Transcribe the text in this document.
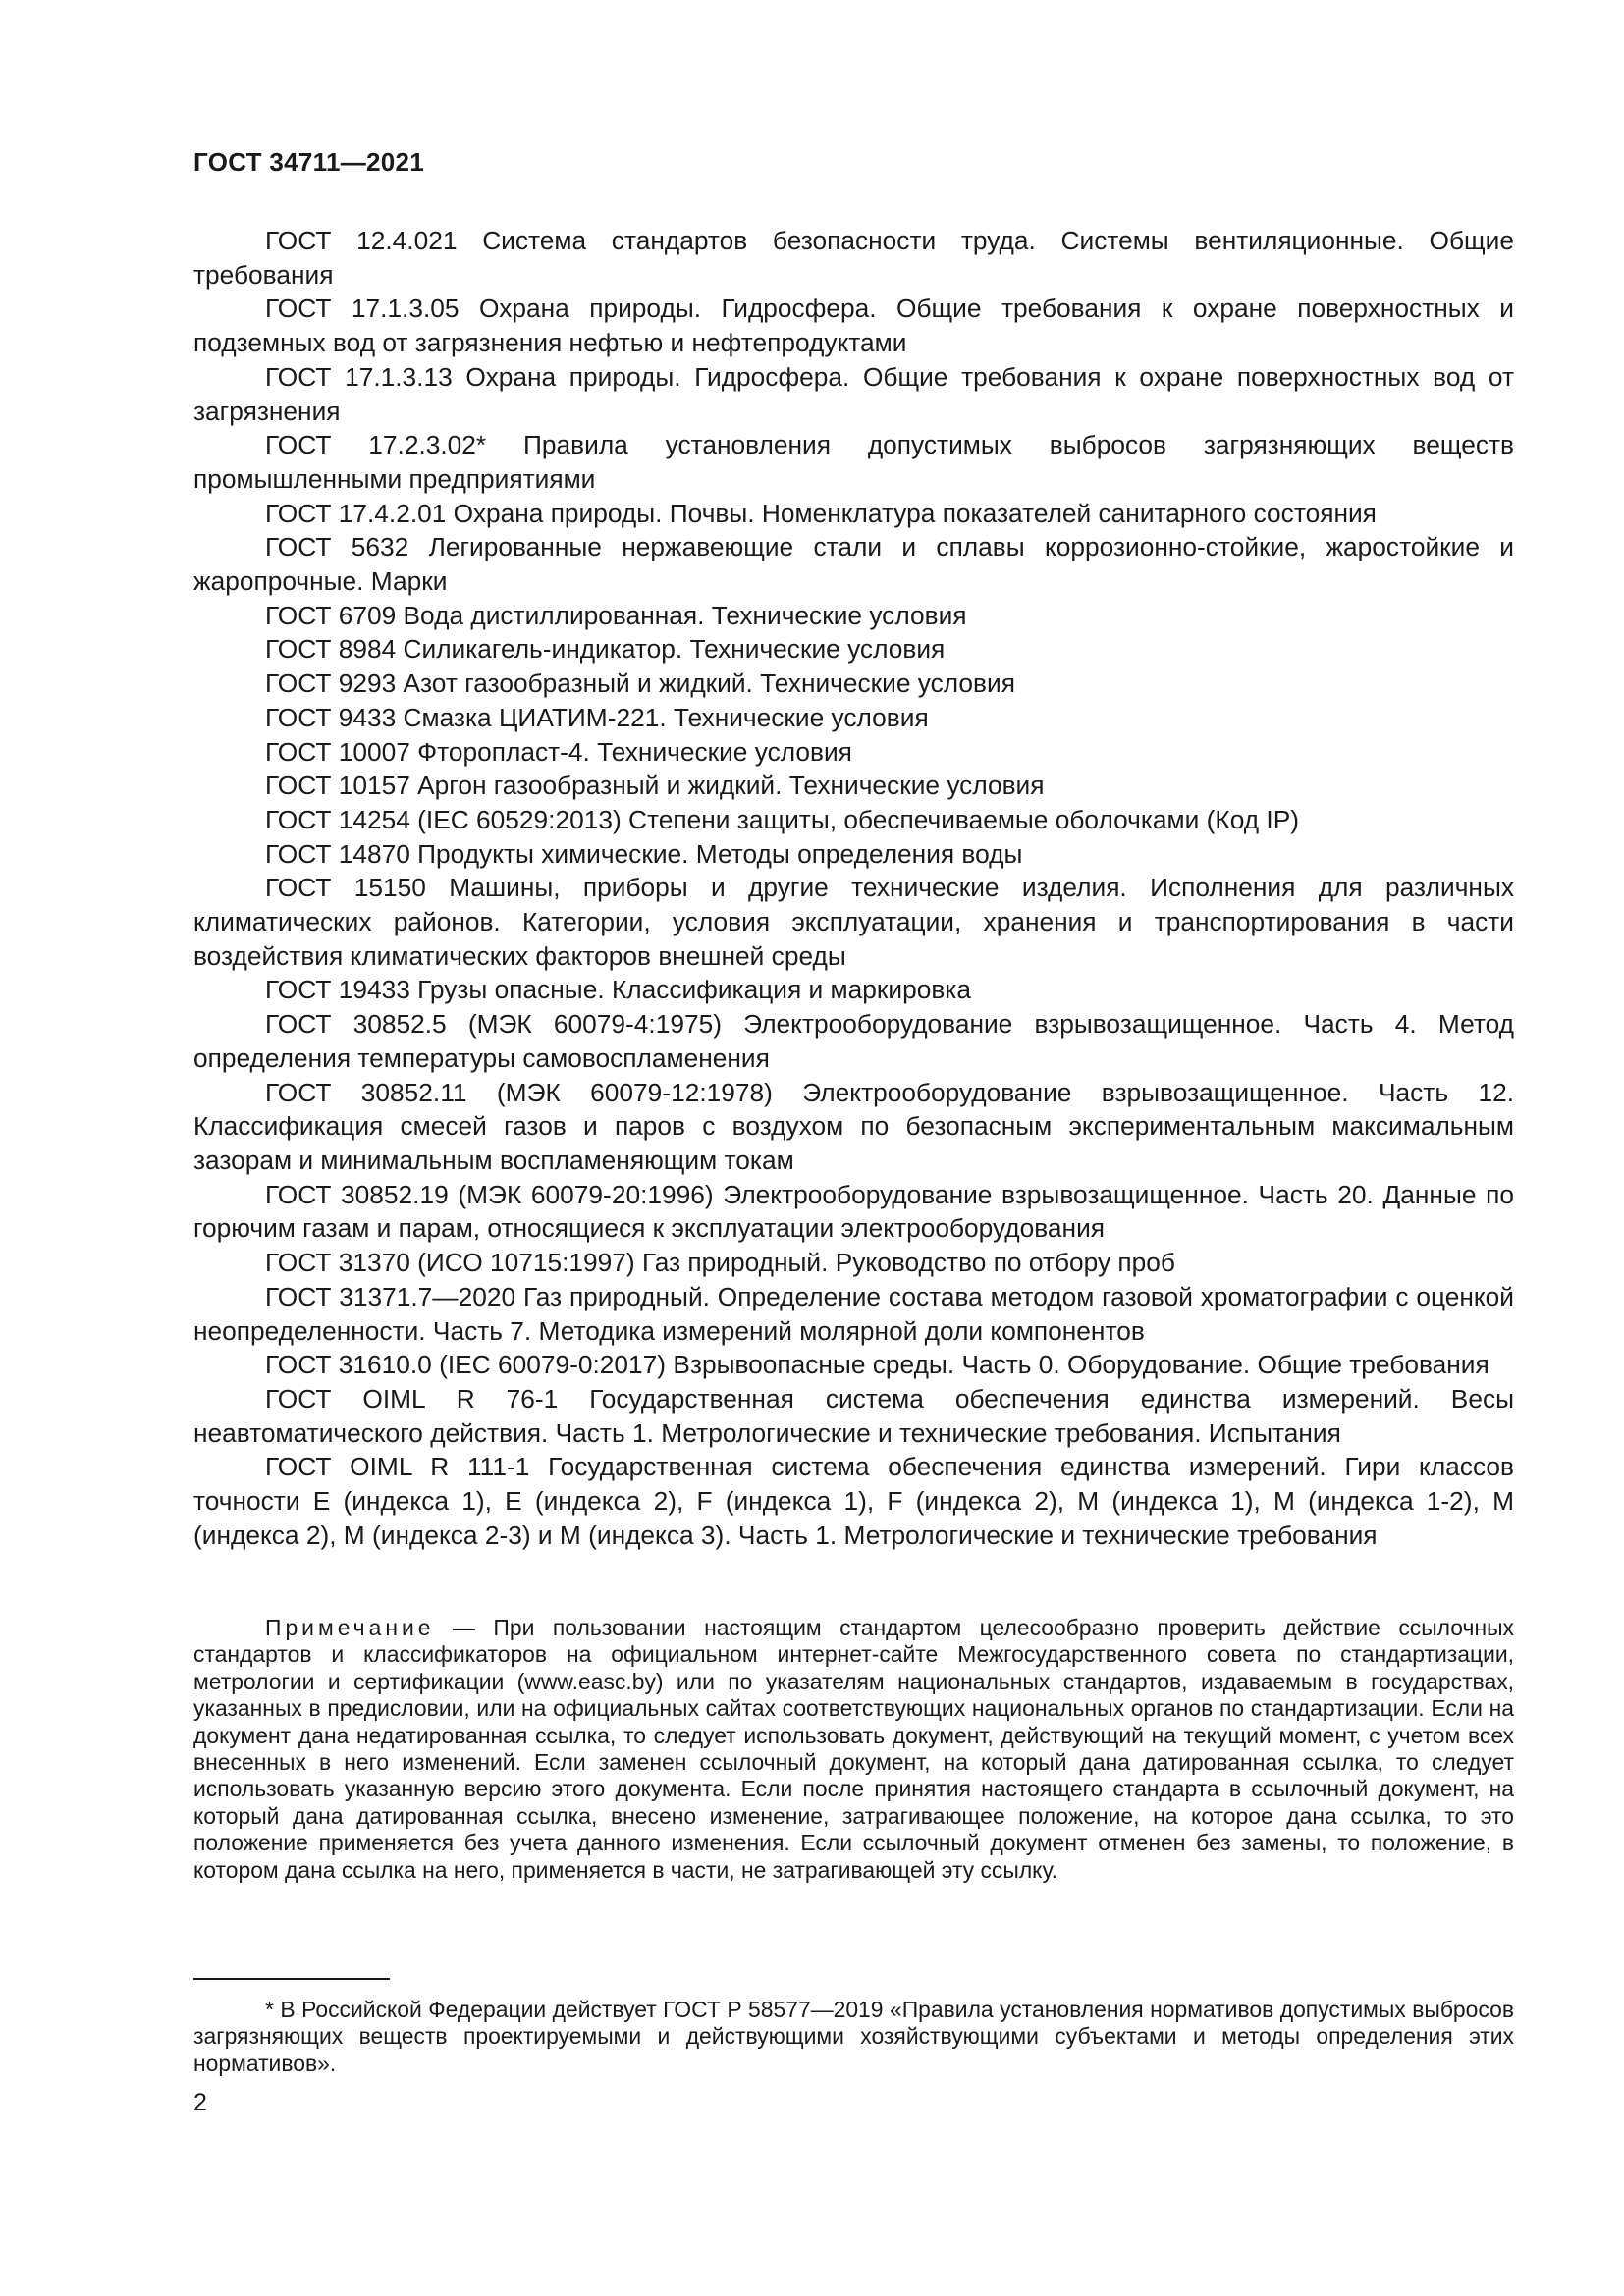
ГОСТ 34711—2021
ГОСТ 12.4.021 Система стандартов безопасности труда. Системы вентиляционные. Общие требования
ГОСТ 17.1.3.05 Охрана природы. Гидросфера. Общие требования к охране поверхностных и подземных вод от загрязнения нефтью и нефтепродуктами
ГОСТ 17.1.3.13 Охрана природы. Гидросфера. Общие требования к охране поверхностных вод от загрязнения
ГОСТ 17.2.3.02* Правила установления допустимых выбросов загрязняющих веществ промышленными предприятиями
ГОСТ 17.4.2.01 Охрана природы. Почвы. Номенклатура показателей санитарного состояния
ГОСТ 5632 Легированные нержавеющие стали и сплавы коррозионно-стойкие, жаростойкие и жаропрочные. Марки
ГОСТ 6709 Вода дистиллированная. Технические условия
ГОСТ 8984 Силикагель-индикатор. Технические условия
ГОСТ 9293 Азот газообразный и жидкий. Технические условия
ГОСТ 9433 Смазка ЦИАТИМ-221. Технические условия
ГОСТ 10007 Фторопласт-4. Технические условия
ГОСТ 10157 Аргон газообразный и жидкий. Технические условия
ГОСТ 14254 (IEC 60529:2013) Степени защиты, обеспечиваемые оболочками (Код IP)
ГОСТ 14870 Продукты химические. Методы определения воды
ГОСТ 15150 Машины, приборы и другие технические изделия. Исполнения для различных климатических районов. Категории, условия эксплуатации, хранения и транспортирования в части воздействия климатических факторов внешней среды
ГОСТ 19433 Грузы опасные. Классификация и маркировка
ГОСТ 30852.5 (МЭК 60079-4:1975) Электрооборудование взрывозащищенное. Часть 4. Метод определения температуры самовоспламенения
ГОСТ 30852.11 (МЭК 60079-12:1978) Электрооборудование взрывозащищенное. Часть 12. Классификация смесей газов и паров с воздухом по безопасным экспериментальным максимальным зазорам и минимальным воспламеняющим токам
ГОСТ 30852.19 (МЭК 60079-20:1996) Электрооборудование взрывозащищенное. Часть 20. Данные по горючим газам и парам, относящиеся к эксплуатации электрооборудования
ГОСТ 31370 (ИСО 10715:1997) Газ природный. Руководство по отбору проб
ГОСТ 31371.7—2020 Газ природный. Определение состава методом газовой хроматографии с оценкой неопределенности. Часть 7. Методика измерений молярной доли компонентов
ГОСТ 31610.0 (IEC 60079-0:2017) Взрывоопасные среды. Часть 0. Оборудование. Общие требования
ГОСТ OIML R 76-1 Государственная система обеспечения единства измерений. Весы неавтоматического действия. Часть 1. Метрологические и технические требования. Испытания
ГОСТ OIML R 111-1 Государственная система обеспечения единства измерений. Гири классов точности E (индекса 1), E (индекса 2), F (индекса 1), F (индекса 2), M (индекса 1), M (индекса 1-2), M (индекса 2), M (индекса 2-3) и M (индекса 3). Часть 1. Метрологические и технические требования
Примечание — При пользовании настоящим стандартом целесообразно проверить действие ссылочных стандартов и классификаторов на официальном интернет-сайте Межгосударственного совета по стандартизации, метрологии и сертификации (www.easc.by) или по указателям национальных стандартов, издаваемым в государствах, указанных в предисловии, или на официальных сайтах соответствующих национальных органов по стандартизации. Если на документ дана недатированная ссылка, то следует использовать документ, действующий на текущий момент, с учетом всех внесенных в него изменений. Если заменен ссылочный документ, на который дана датированная ссылка, то следует использовать указанную версию этого документа. Если после принятия настоящего стандарта в ссылочный документ, на который дана датированная ссылка, внесено изменение, затрагивающее положение, на которое дана ссылка, то это положение применяется без учета данного изменения. Если ссылочный документ отменен без замены, то положение, в котором дана ссылка на него, применяется в части, не затрагивающей эту ссылку.
* В Российской Федерации действует ГОСТ Р 58577—2019 «Правила установления нормативов допустимых выбросов загрязняющих веществ проектируемыми и действующими хозяйствующими субъектами и методы определения этих нормативов».
2
